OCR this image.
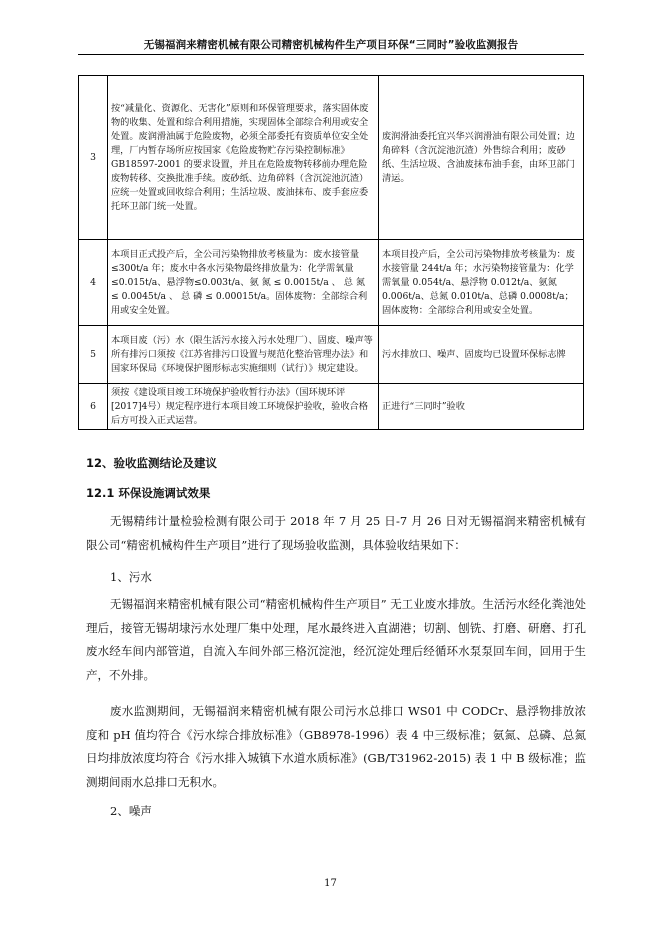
无锡福润来精密机械有限公司精密机械构件生产项目环保“三同时”验收监测报告
3	按“减量化、资源化、无害化”原则和环保管理要求，落实固体废物的收集、处置和综合利用措施，实现固体全部综合利用或安全处置。废润滑油属于危险废物，必须全部委托有资质单位安全处理，厂内暂存场所应按国家《危险废物贮存污染控制标准》GB18597-2001 的要求设置，并且在危险废物转移前办理危险废物转移、交换批准手续。废砂纸、边角碎料（含沉淀池沉渣）应统一处置或回收综合利用；生活垃圾、废油抹布、废手套应委托环卫部门统一处置。	废润滑油委托宜兴华兴润滑油有限公司处置；边角碎料（含沉淀池沉渣）外售综合利用；废砂纸、生活垃圾、含油废抹布油手套，由环卫部门清运。
4	本项目正式投产后，全公司污染物排放考核量为：废水接管量≤300t/a 年；废水中各水污染物最终排放量为：化学需氧量≤0.015t/a、悬浮物≤0.003t/a、氨 氮 ≤ 0.0015t/a 、 总 氮 ≤ 0.0045t/a 、 总 磷 ≤ 0.00015t/a。固体废物：全部综合利用或安全处置。	本项目投产后，全公司污染物排放考核量为：废水接管量 244t/a 年；水污染物接管量为：化学需氧量 0.054t/a、悬浮物 0.012t/a、氨氮 0.006t/a、总氮 0.010t/a、总磷 0.0008t/a；固体废物：全部综合利用或安全处置。
5	本项目废（污）水（限生活污水接入污水处理厂）、固废、噪声等所有排污口须按《江苏省排污口设置与规范化整治管理办法》和国家环保局《环境保护图形标志实施细则（试行）》规定建设。	污水排放口、噪声、固废均已设置环保标志牌
6	须按《建设项目竣工环境保护验收暂行办法》（国环规环评[2017]4号）规定程序进行本项目竣工环境保护验收，验收合格后方可投入正式运营。	正进行“三同时”验收
12、验收监测结论及建议
12.1 环保设施调试效果

无锡精纬计量检验检测有限公司于 2018 年 7 月 25 日-7 月 26 日对无锡福润来精密机械有限公司“精密机械构件生产项目”进行了现场验收监测，具体验收结果如下：

1、污水

无锡福润来精密机械有限公司“精密机械构件生产项目” 无工业废水排放。生活污水经化粪池处理后，接管无锡胡埭污水处理厂集中处理，尾水最终进入直湖港；切割、刨铣、打磨、研磨、打孔废水经车间内部管道，自流入车间外部三格沉淀池，经沉淀处理后经循环水泵泵回车间，回用于生产，不外排。

废水监测期间，无锡福润来精密机械有限公司污水总排口 WS01 中 CODCr、悬浮物排放浓度和 pH 值均符合《污水综合排放标准》（GB8978-1996）表 4 中三级标准；氨氮、总磷、总氮日均排放浓度均符合《污水排入城镇下水道水质标准》(GB/T31962-2015) 表 1 中 B 级标准；监测期间雨水总排口无积水。

2、噪声

17
